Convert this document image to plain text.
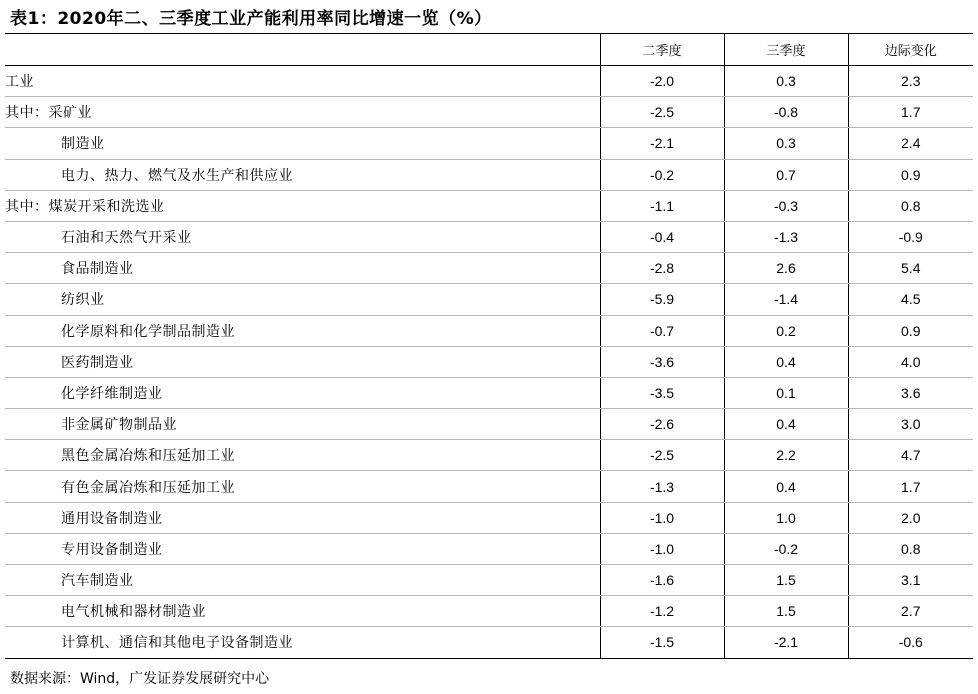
表1：2020年二、三季度工业产能利用率同比增速一览（%）
	二季度	三季度	边际变化
工业	-2.0	0.3	2.3
其中：采矿业	-2.5	-0.8	1.7
制造业	-2.1	0.3	2.4
电力、热力、燃气及水生产和供应业	-0.2	0.7	0.9
其中：煤炭开采和洗选业	-1.1	-0.3	0.8
石油和天然气开采业	-0.4	-1.3	-0.9
食品制造业	-2.8	2.6	5.4
纺织业	-5.9	-1.4	4.5
化学原料和化学制品制造业	-0.7	0.2	0.9
医药制造业	-3.6	0.4	4.0
化学纤维制造业	-3.5	0.1	3.6
非金属矿物制品业	-2.6	0.4	3.0
黑色金属冶炼和压延加工业	-2.5	2.2	4.7
有色金属冶炼和压延加工业	-1.3	0.4	1.7
通用设备制造业	-1.0	1.0	2.0
专用设备制造业	-1.0	-0.2	0.8
汽车制造业	-1.6	1.5	3.1
电气机械和器材制造业	-1.2	1.5	2.7
计算机、通信和其他电子设备制造业	-1.5	-2.1	-0.6
数据来源：Wind，广发证券发展研究中心
